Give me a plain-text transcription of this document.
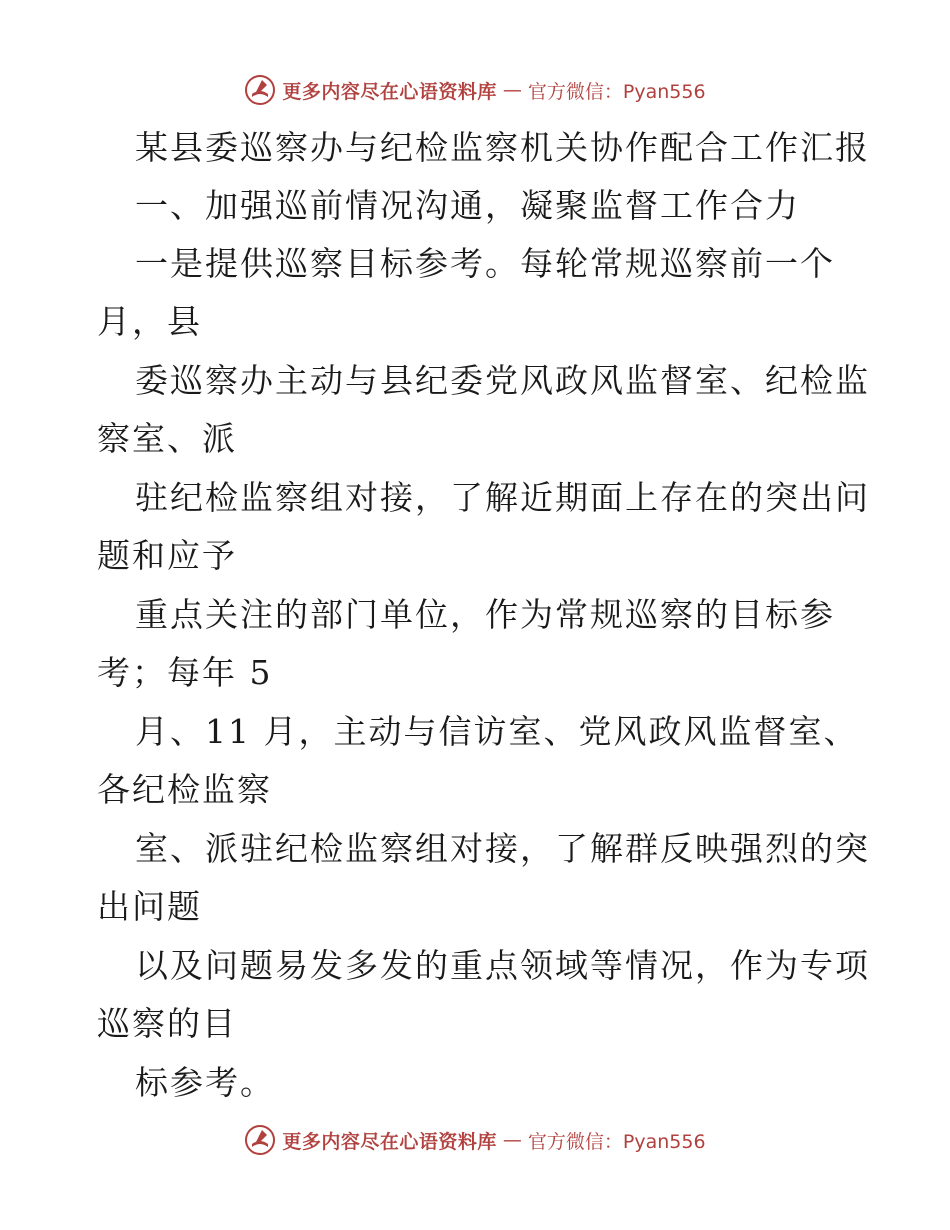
更多内容尽在心语资料库 — 官方微信：Pyan556
某县委巡察办与纪检监察机关协作配合工作汇报
一、加强巡前情况沟通，凝聚监督工作合力
一是提供巡察目标参考。每轮常规巡察前一个
月，县
委巡察办主动与县纪委党风政风监督室、纪检监
察室、派
驻纪检监察组对接，了解近期面上存在的突出问
题和应予
重点关注的部门单位，作为常规巡察的目标参
考；每年 5
月、11 月，主动与信访室、党风政风监督室、
各纪检监察
室、派驻纪检监察组对接，了解群反映强烈的突
出问题
以及问题易发多发的重点领域等情况，作为专项
巡察的目
标参考。
更多内容尽在心语资料库 — 官方微信：Pyan556
